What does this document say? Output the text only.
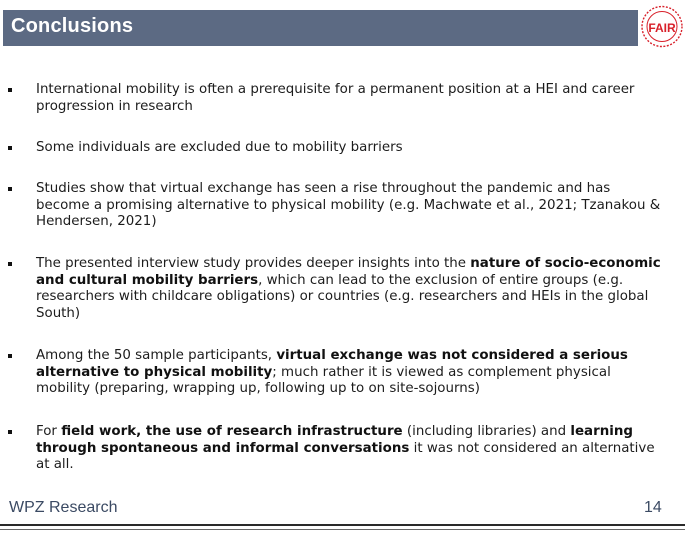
Conclusions	FAIR
International mobility is often a prerequisite for a permanent position at a HEI and career progression in research
Some individuals are excluded due to mobility barriers
Studies show that virtual exchange has seen a rise throughout the pandemic and has become a promising alternative to physical mobility (e.g. Machwate et al., 2021; Tzanakou & Hendersen, 2021)
The presented interview study provides deeper insights into the nature of socio-economic and cultural mobility barriers, which can lead to the exclusion of entire groups (e.g. researchers with childcare obligations) or countries (e.g. researchers and HEIs in the global South)
Among the 50 sample participants, virtual exchange was not considered a serious alternative to physical mobility; much rather it is viewed as complement physical mobility (preparing, wrapping up, following up to on site-sojourns)
For field work, the use of research infrastructure (including libraries) and learning through spontaneous and informal conversations it was not considered an alternative at all.
WPZ Research	14
